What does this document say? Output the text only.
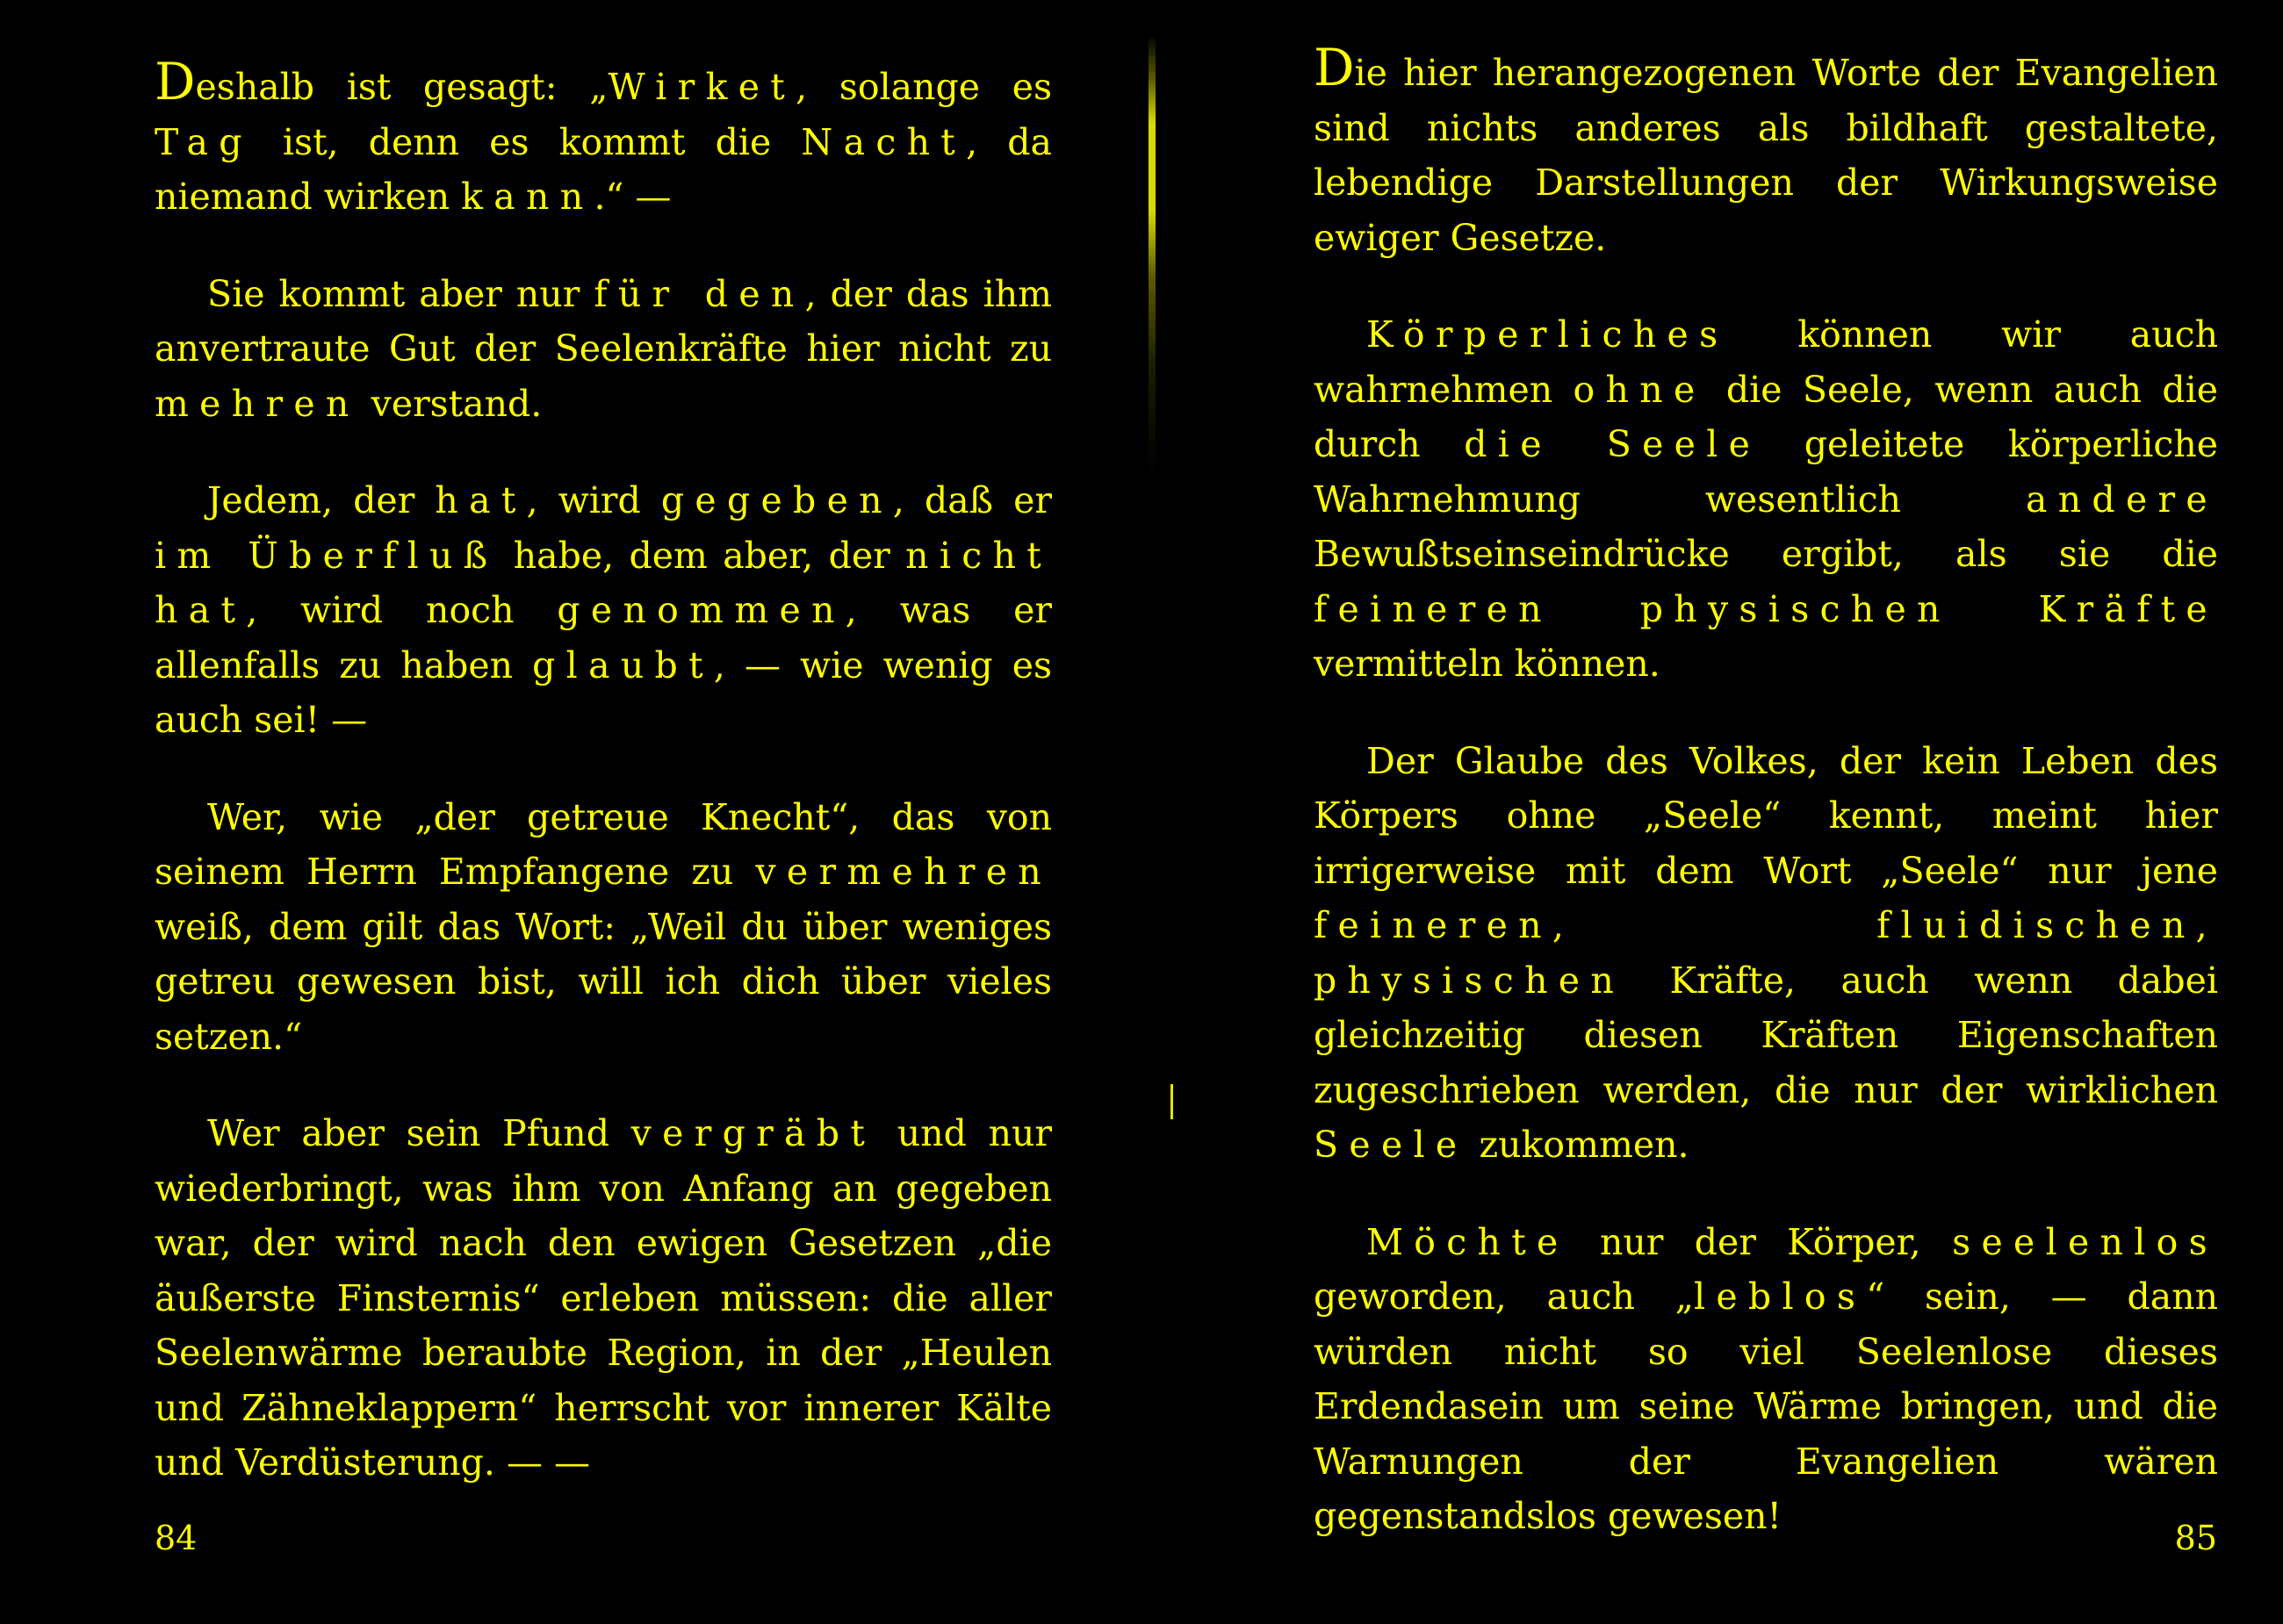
Deshalb ist gesagt: „Wirket, solange es Tag ist, denn es kommt die Nacht, da niemand wirken kann.“ —

Sie kommt aber nur für den, der das ihm anvertraute Gut der Seelenkräfte hier nicht zu mehren verstand.

Jedem, der hat, wird gegeben, daß er im Überfluß habe, dem aber, der nicht hat, wird noch genommen, was er allenfalls zu haben glaubt, — wie wenig es auch sei! —

Wer, wie „der getreue Knecht“, das von seinem Herrn Empfangene zu vermehren weiß, dem gilt das Wort: „Weil du über weniges getreu gewesen bist, will ich dich über vieles setzen.“

Wer aber sein Pfund vergräbt und nur wiederbringt, was ihm von Anfang an gegeben war, der wird nach den ewigen Gesetzen „die äußerste Finsternis“ erleben müssen: die aller Seelenwärme beraubte Region, in der „Heulen und Zähneklappern“ herrscht vor innerer Kälte und Verdüsterung. — —

84

Die hier herangezogenen Worte der Evangelien sind nichts anderes als bildhaft gestaltete, lebendige Darstellungen der Wirkungsweise ewiger Gesetze.

Körperliches können wir auch wahrnehmen ohne die Seele, wenn auch die durch die Seele geleitete körperliche Wahrnehmung wesentlich andere Bewußtseinseindrücke ergibt, als sie die feineren physischen Kräfte vermitteln können.

Der Glaube des Volkes, der kein Leben des Körpers ohne „Seele“ kennt, meint hier irrigerweise mit dem Wort „Seele“ nur jene feineren, fluidischen, physischen Kräfte, auch wenn dabei gleichzeitig diesen Kräften Eigenschaften zugeschrieben werden, die nur der wirklichen Seele zukommen.

Möchte nur der Körper, seelenlos geworden, auch „leblos“ sein, — dann würden nicht so viel Seelenlose dieses Erdendasein um seine Wärme bringen, und die Warnungen der Evangelien wären gegenstandslos gewesen!

85
